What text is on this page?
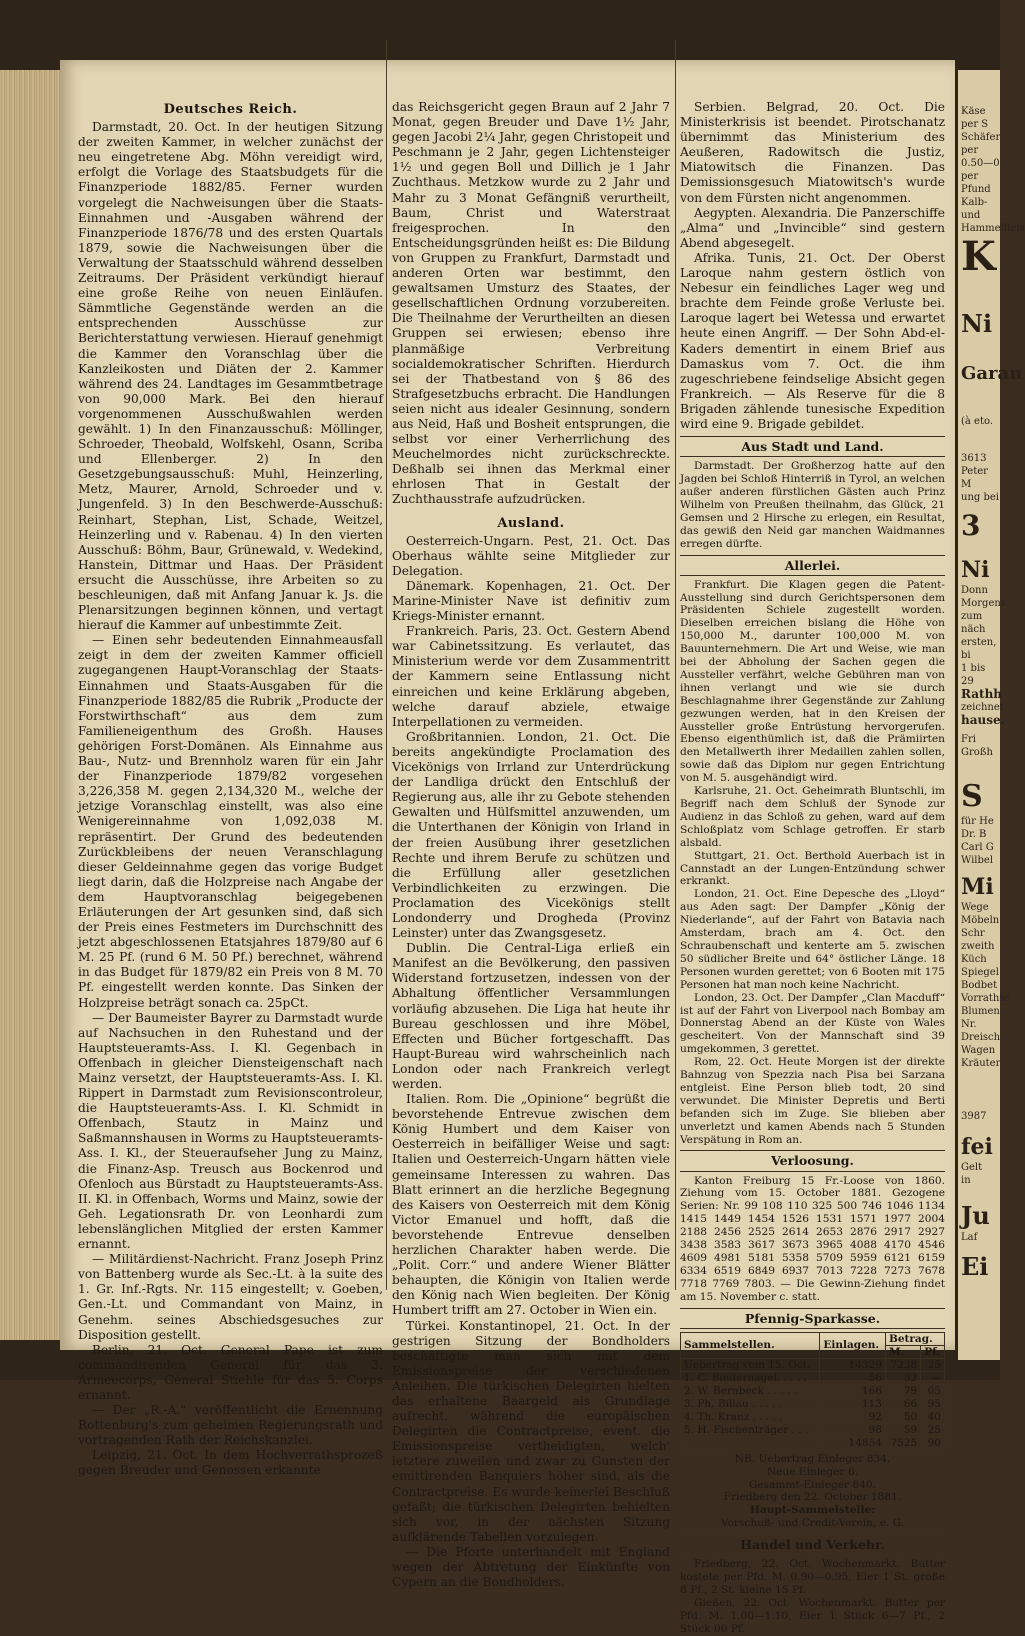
Deutsches Reich.

Darmstadt, 20. Oct. In der heutigen Sitzung der zweiten Kammer, in welcher zunächst der neu eingetretene Abg. Möhn vereidigt wird, erfolgt die Vorlage des Staatsbudgets für die Finanzperiode 1882/85. Ferner wurden vorgelegt die Nachweisungen über die Staats-Einnahmen und -Ausgaben während der Finanzperiode 1876/78 und des ersten Quartals 1879, sowie die Nachweisungen über die Verwaltung der Staatsschuld während desselben Zeitraums. Der Präsident verkündigt hierauf eine große Reihe von neuen Einläufen. Sämmtliche Gegenstände werden an die entsprechenden Ausschüsse zur Berichterstattung verwiesen. Hierauf genehmigt die Kammer den Voranschlag über die Kanzleikosten und Diäten der 2. Kammer während des 24. Landtages im Gesammtbetrage von 90,000 Mark. Bei den hierauf vorgenommenen Ausschußwahlen werden gewählt. 1) In den Finanzausschuß: Möllinger, Schroeder, Theobald, Wolfskehl, Osann, Scriba und Ellenberger. 2) In den Gesetzgebungsausschuß: Muhl, Heinzerling, Metz, Maurer, Arnold, Schroeder und v. Jungenfeld. 3) In den Beschwerde-Ausschuß: Reinhart, Stephan, List, Schade, Weitzel, Heinzerling und v. Rabenau. 4) In den vierten Ausschuß: Böhm, Baur, Grünewald, v. Wedekind, Hanstein, Dittmar und Haas. Der Präsident ersucht die Ausschüsse, ihre Arbeiten so zu beschleunigen, daß mit Anfang Januar k. Js. die Plenarsitzungen beginnen können, und vertagt hierauf die Kammer auf unbestimmte Zeit.

— Einen sehr bedeutenden Einnahmeausfall zeigt in dem der zweiten Kammer officiell zugegangenen Haupt-Voranschlag der Staats-Einnahmen und Staats-Ausgaben für die Finanzperiode 1882/85 die Rubrik „Producte der Forstwirthschaft“ aus dem zum Familieneigenthum des Großh. Hauses gehörigen Forst-Domänen. Als Einnahme aus Bau-, Nutz- und Brennholz waren für ein Jahr der Finanzperiode 1879/82 vorgesehen 3,226,358 M. gegen 2,134,320 M., welche der jetzige Voranschlag einstellt, was also eine Wenigereinnahme von 1,092,038 M. repräsentirt. Der Grund des bedeutenden Zurückbleibens der neuen Veranschlagung dieser Geldeinnahme gegen das vorige Budget liegt darin, daß die Holzpreise nach Angabe der dem Hauptvoranschlag beigegebenen Erläuterungen der Art gesunken sind, daß sich der Preis eines Festmeters im Durchschnitt des jetzt abgeschlossenen Etatsjahres 1879/80 auf 6 M. 25 Pf. (rund 6 M. 50 Pf.) berechnet, während in das Budget für 1879/82 ein Preis von 8 M. 70 Pf. eingestellt werden konnte. Das Sinken der Holzpreise beträgt sonach ca. 25pCt.

— Der Baumeister Bayrer zu Darmstadt wurde auf Nachsuchen in den Ruhestand und der Hauptsteueramts-Ass. I. Kl. Gegenbach in Offenbach in gleicher Diensteigenschaft nach Mainz versetzt, der Hauptsteueramts-Ass. I. Kl. Rippert in Darmstadt zum Revisionscontroleur, die Hauptsteueramts-Ass. I. Kl. Schmidt in Offenbach, Stautz in Mainz und Saßmannshausen in Worms zu Hauptsteueramts-Ass. I. Kl., der Steueraufseher Jung zu Mainz, die Finanz-Asp. Treusch aus Bockenrod und Ofenloch aus Bürstadt zu Hauptsteueramts-Ass. II. Kl. in Offenbach, Worms und Mainz, sowie der Geh. Legationsrath Dr. von Leonhardi zum lebenslänglichen Mitglied der ersten Kammer ernannt.

— Militärdienst-Nachricht. Franz Joseph Prinz von Battenberg wurde als Sec.-Lt. à la suite des 1. Gr. Inf.-Rgts. Nr. 115 eingestellt; v. Goeben, Gen.-Lt. und Commandant von Mainz, in Genehm. seines Abschiedsgesuches zur Disposition gestellt.

Berlin, 21. Oct. General Pape ist zum commandirenden General für das 3. Armeecorps, General Stiehle für das 5. Corps ernannt.

— Der „R.-A.“ veröffentlicht die Ernennung Rottenburg's zum geheimen Regierungsrath und vortragenden Rath der Reichskanzlei.

Leipzig, 21. Oct. In dem Hochverrathsprozeß gegen Breuder und Genossen erkannte

das Reichsgericht gegen Braun auf 2 Jahr 7 Monat, gegen Breuder und Dave 1½ Jahr, gegen Jacobi 2¼ Jahr, gegen Christopeit und Peschmann je 2 Jahr, gegen Lichtensteiger 1½ und gegen Boll und Dillich je 1 Jahr Zuchthaus. Metzkow wurde zu 2 Jahr und Mahr zu 3 Monat Gefängniß verurtheilt, Baum, Christ und Waterstraat freigesprochen. In den Entscheidungsgründen heißt es: Die Bildung von Gruppen zu Frankfurt, Darmstadt und anderen Orten war bestimmt, den gewaltsamen Umsturz des Staates, der gesellschaftlichen Ordnung vorzubereiten. Die Theilnahme der Verurtheilten an diesen Gruppen sei erwiesen; ebenso ihre planmäßige Verbreitung socialdemokratischer Schriften. Hierdurch sei der Thatbestand von § 86 des Strafgesetzbuchs erbracht. Die Handlungen seien nicht aus idealer Gesinnung, sondern aus Neid, Haß und Bosheit entsprungen, die selbst vor einer Verherrlichung des Meuchelmordes nicht zurückschreckte. Deßhalb sei ihnen das Merkmal einer ehrlosen That in Gestalt der Zuchthausstrafe aufzudrücken.

Ausland.

Oesterreich-Ungarn. Pest, 21. Oct. Das Oberhaus wählte seine Mitglieder zur Delegation.

Dänemark. Kopenhagen, 21. Oct. Der Marine-Minister Nave ist definitiv zum Kriegs-Minister ernannt.

Frankreich. Paris, 23. Oct. Gestern Abend war Cabinetssitzung. Es verlautet, das Ministerium werde vor dem Zusammentritt der Kammern seine Entlassung nicht einreichen und keine Erklärung abgeben, welche darauf abziele, etwaige Interpellationen zu vermeiden.

Großbritannien. London, 21. Oct. Die bereits angekündigte Proclamation des Vicekönigs von Irrland zur Unterdrückung der Landliga drückt den Entschluß der Regierung aus, alle ihr zu Gebote stehenden Gewalten und Hülfsmittel anzuwenden, um die Unterthanen der Königin von Irland in der freien Ausübung ihrer gesetzlichen Rechte und ihrem Berufe zu schützen und die Erfüllung aller gesetzlichen Verbindlichkeiten zu erzwingen. Die Proclamation des Vicekönigs stellt Londonderry und Drogheda (Provinz Leinster) unter das Zwangsgesetz.

Dublin. Die Central-Liga erließ ein Manifest an die Bevölkerung, den passiven Widerstand fortzusetzen, indessen von der Abhaltung öffentlicher Versammlungen vorläufig abzusehen. Die Liga hat heute ihr Bureau geschlossen und ihre Möbel, Effecten und Bücher fortgeschafft. Das Haupt-Bureau wird wahrscheinlich nach London oder nach Frankreich verlegt werden.

Italien. Rom. Die „Opinione“ begrüßt die bevorstehende Entrevue zwischen dem König Humbert und dem Kaiser von Oesterreich in beifälliger Weise und sagt: Italien und Oesterreich-Ungarn hätten viele gemeinsame Interessen zu wahren. Das Blatt erinnert an die herzliche Begegnung des Kaisers von Oesterreich mit dem König Victor Emanuel und hofft, daß die bevorstehende Entrevue denselben herzlichen Charakter haben werde. Die „Polit. Corr.“ und andere Wiener Blätter behaupten, die Königin von Italien werde den König nach Wien begleiten. Der König Humbert trifft am 27. October in Wien ein.

Türkei. Konstantinopel, 21. Oct. In der gestrigen Sitzung der Bondholders beschäftigte man sich mit dem Emissionspreise der verschiedenen Anleihen. Die türkischen Delegirten hielten das erhaltene Baargeld als Grundlage aufrecht, während die europäischen Delegirten die Contractpreise, event. die Emissionspreise vertheidigten, welch' letztere zuweilen und zwar zu Gunsten der emittirenden Banquiers höher sind, als die Contractpreise. Es wurde keinerlei Beschluß gefaßt; die türkischen Delegirten behielten sich vor, in der nächsten Sitzung aufklärende Tabellen vorzulegen.

— Die Pforte unterhandelt mit England wegen der Abtretung der Einkünfte von Cypern an die Bondholders.

Serbien. Belgrad, 20. Oct. Die Ministerkrisis ist beendet. Pirotschanatz übernimmt das Ministerium des Aeußeren, Radowitsch die Justiz, Miatowitsch die Finanzen. Das Demissionsgesuch Miatowitsch's wurde von dem Fürsten nicht angenommen.

Aegypten. Alexandria. Die Panzerschiffe „Alma“ und „Invincible“ sind gestern Abend abgesegelt.

Afrika. Tunis, 21. Oct. Der Oberst Laroque nahm gestern östlich von Nebesur ein feindliches Lager weg und brachte dem Feinde große Verluste bei. Laroque lagert bei Wetessa und erwartet heute einen Angriff. — Der Sohn Abd-el-Kaders dementirt in einem Brief aus Damaskus vom 7. Oct. die ihm zugeschriebene feindselige Absicht gegen Frankreich. — Als Reserve für die 8 Brigaden zählende tunesische Expedition wird eine 9. Brigade gebildet.

Aus Stadt und Land.

Darmstadt. Der Großherzog hatte auf den Jagden bei Schloß Hinterriß in Tyrol, an welchen außer anderen fürstlichen Gästen auch Prinz Wilhelm von Preußen theilnahm, das Glück, 21 Gemsen und 2 Hirsche zu erlegen, ein Resultat, das gewiß den Neid gar manchen Waidmannes erregen dürfte.

Allerlei.

Frankfurt. Die Klagen gegen die Patent-Ausstellung sind durch Gerichtspersonen dem Präsidenten Schiele zugestellt worden. Dieselben erreichen bislang die Höhe von 150,000 M., darunter 100,000 M. von Bauunternehmern. Die Art und Weise, wie man bei der Abholung der Sachen gegen die Aussteller verfährt, welche Gebühren man von ihnen verlangt und wie sie durch Beschlagnahme ihrer Gegenstände zur Zahlung gezwungen werden, hat in den Kreisen der Aussteller große Entrüstung hervorgerufen. Ebenso eigenthümlich ist, daß die Prämiirten den Metallwerth ihrer Medaillen zahlen sollen, sowie daß das Diplom nur gegen Entrichtung von M. 5. ausgehändigt wird.

Karlsruhe, 21. Oct. Geheimrath Bluntschli, im Begriff nach dem Schluß der Synode zur Audienz in das Schloß zu gehen, ward auf dem Schloßplatz vom Schlage getroffen. Er starb alsbald.

Stuttgart, 21. Oct. Berthold Auerbach ist in Cannstadt an der Lungen-Entzündung schwer erkrankt.

London, 21. Oct. Eine Depesche des „Lloyd“ aus Aden sagt: Der Dampfer „König der Niederlande“, auf der Fahrt von Batavia nach Amsterdam, brach am 4. Oct. den Schraubenschaft und kenterte am 5. zwischen 50 südlicher Breite und 64° östlicher Länge. 18 Personen wurden gerettet; von 6 Booten mit 175 Personen hat man noch keine Nachricht.

London, 23. Oct. Der Dampfer „Clan Macduff“ ist auf der Fahrt von Liverpool nach Bombay am Donnerstag Abend an der Küste von Wales gescheitert. Von der Mannschaft sind 39 umgekommen, 3 gerettet.

Rom, 22. Oct. Heute Morgen ist der direkte Bahnzug von Spezzia nach Pisa bei Sarzana entgleist. Eine Person blieb todt, 20 sind verwundet. Die Minister Depretis und Berti befanden sich im Zuge. Sie blieben aber unverletzt und kamen Abends nach 5 Stunden Verspätung in Rom an.

Verloosung.

Kanton Freiburg 15 Fr.-Loose von 1860. Ziehung vom 15. October 1881. Gezogene Serien: Nr. 99 108 110 325 500 746 1046 1134 1415 1449 1454 1526 1531 1571 1977 2004 2188 2456 2525 2614 2653 2876 2917 2927 3438 3583 3617 3673 3965 4088 4170 4546 4609 4981 5181 5358 5709 5959 6121 6159 6334 6519 6849 6937 7013 7228 7273 7678 7718 7769 7803. — Die Gewinn-Ziehung findet am 15. November c. statt.

Pfennig-Sparkasse.
Sammelstellen.	Einlagen.	Betrag.	
		M.	Pf.
Uebertrag vom 15. Oct.	14329	7238	25
1. C. Bindernagel. . . . .	56	32	—
2. W. Bernbeck . . . . .	166	79	05
3. Ph. Billau . . . . .	113	66	95
4. Th. Kranz . . . . .	92	50	40
5. H. Fischenträger . . .	98	59	25
	14854	7525	90
NB. Uebertrag Einleger 834.
Neue Einleger 6.
Gesammt-Einleger 840.
Friedberg den 22. October 1881.
Haupt-Sammelstelle:
Vorschuß- und Credit-Verein, e. G.
Handel und Verkehr.

Friedberg, 22. Oct. Wochenmarkt. Butter kostete per Pfd. M. 0.90—0.95, Eier 1 St. große 8 Pf., 2 St. kleine 15 Pf.

Gießen, 22. Oct. Wochenmarkt. Butter per Pfd. M. 1.00—1.10, Eier 1 Stück 6—7 Pf., 2 Stück 00 Pf.

Käse per S
Schäfer per
0.50—0
per Pfund
Kalb- und
Hammelfleis
K
Ni
Garan
(à eto.
3613
Peter M
ung bei
3
Ni
Donn
Morgens
zum näch
ersten, bi
1 bis 29
Rathh
zeichnet
hause.
Fri
Großh
S
für He
Dr. B
Carl G
Wilbel
Mi
Wege
Möbeln
Schr
zweith
Küch
Spiegel
Bodbet
Vorrathsc
Blumen
Nr. Dreisch
Wagen
Kräuter
3987
fei
Gelt
in
Ju
Laf
Ei
